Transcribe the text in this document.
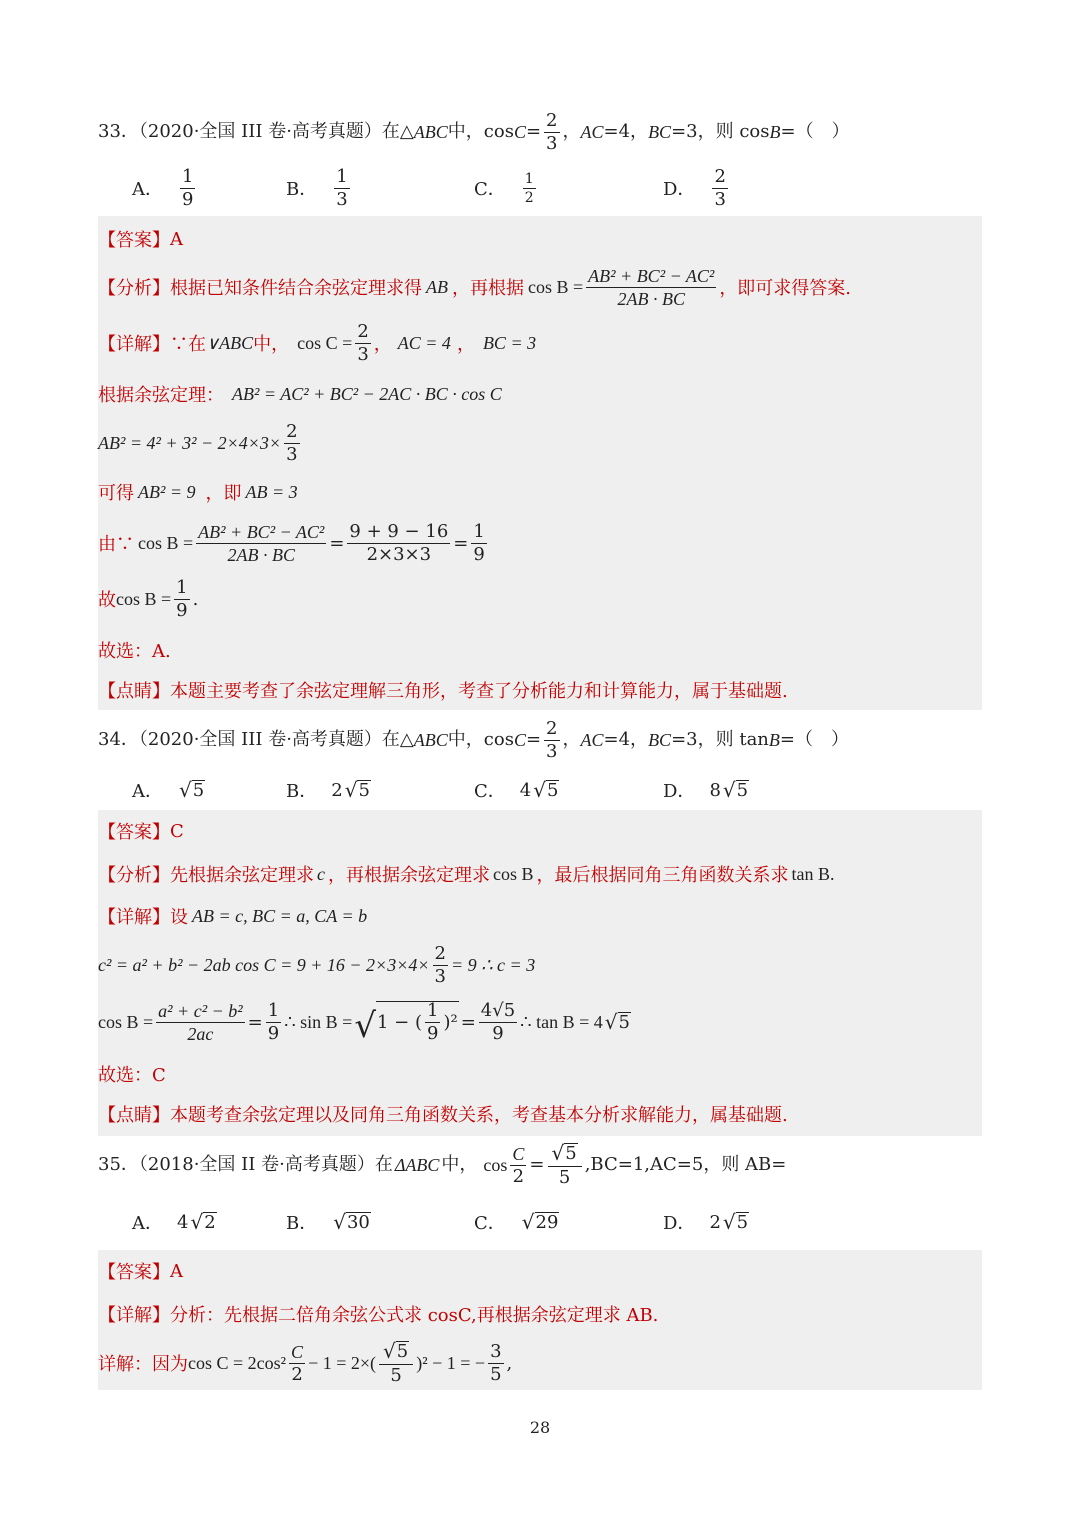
33．（2020·全国 III 卷·高考真题）在△ ABC 中，$\cos C = \frac{2}{3}$ ， AC =4， BC =3，则 cos B =（　）
A． $\frac{1}{9}$	B． $\frac{1}{3}$	C． $\frac{1}{2}$	D． $\frac{2}{3}$
【答案】 A
【分析】 根据已知条件结合余弦定理求得 AB ，再根据 $\cos B = \frac{\text{AB² + BC² − AC²}}{2AB \cdot BC}$ ，即可求得答案.
【详解】 ∵在 ∨ABC 中， $\cos C = \frac{2}{3}$ ， AC = 4 ， BC = 3
根据余弦定理： AB² = AC² + BC² − 2AC · BC · cos C
$AB^2 = 4^2 + 3^2 - 2\times 4\times 3\times \frac{2}{3}$
可得 AB² = 9 ，即 AB = 3
由∵ $\cos B = \frac{\text{AB² + BC² − AC²}}{2AB \cdot BC} = \frac{9 + 9 - 16}{2\times 3\times 3} = \frac{1}{9}$
故 $\cos B = \frac{1}{9}$ .
故选：A.
【点睛】 本题主要考查了余弦定理解三角形，考查了分析能力和计算能力，属于基础题.
34．（2020·全国 III 卷·高考真题）在△ ABC 中，$\cos C = \frac{2}{3}$ ， AC =4， BC =3，则 tan B =（　）
A． √ 5	B． 2 √ 5	C． 4 √ 5	D． 8 √ 5
【答案】 C
【分析】 先根据余弦定理求 c ，再根据余弦定理求 cos B ，最后根据同角三角函数关系求 tan B.
【详解】 设 AB = c, BC = a, CA = b
c² = a² + b² − 2ab $\cos C = 9 + 16 - 2\times 3\times 4\times \frac{2}{3} = 9$ ∴ c = 3
$\cos B = \frac{\text{a² + c² − b²}}{2ac} = \frac{1}{9}$ ∴ sin B = √ 1 − ( $\frac{1}{9} )^2 = \frac{4√5}{9}$ ∴ tan B = 4 √ 5
故选：C
【点睛】 本题考查余弦定理以及同角三角函数关系，考查基本分析求解能力，属基础题.
35．（2018·全国 II 卷·高考真题）在 ΔABC 中， $\cos \frac{C}{2} = \frac{√ 5}{5} ,BC=1,AC=5$，则 AB=
A． 4 √ 2	B． √ 30	C． √ 29	D． 2 √ 5
【答案】 A
【详解】 分析：先根据二倍角余弦公式求 cosC,再根据余弦定理求 AB.
详解：因为 $\cos C = 2\cos^2 \frac{C}{2} - 1 = 2\times( \frac{√ 5}{5} )^2 - 1$ = − $\frac{3}{5}$ ,
28
